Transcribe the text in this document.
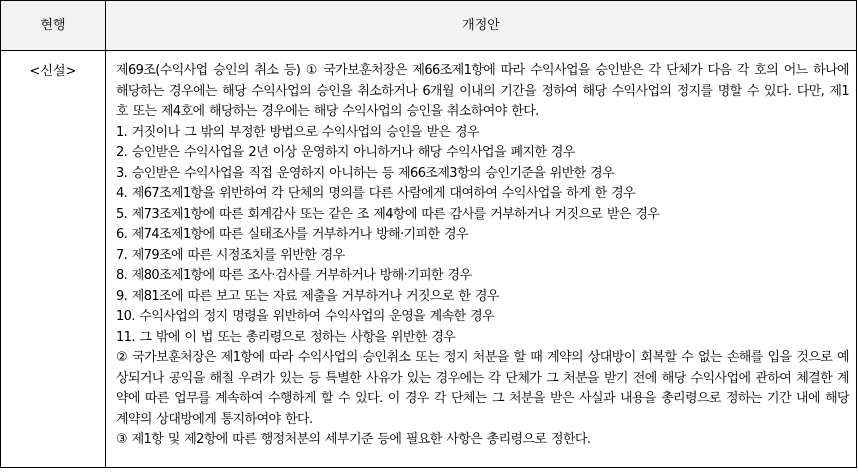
현행	개정안
<신설>	제69조(수익사업 승인의 취소 등) ① 국가보훈처장은 제66조제1항에 따라 수익사업을 승인받은 각 단체가 다음 각 호의 어느 하나에 해당하는 경우에는 해당 수익사업의 승인을 취소하거나 6개월 이내의 기간을 정하여 해당 수익사업의 정지를 명할 수 있다. 다만, 제1호 또는 제4호에 해당하는 경우에는 해당 수익사업의 승인을 취소하여야 한다.

1. 거짓이나 그 밖의 부정한 방법으로 수익사업의 승인을 받은 경우

2. 승인받은 수익사업을 2년 이상 운영하지 아니하거나 해당 수익사업을 폐지한 경우

3. 승인받은 수익사업을 직접 운영하지 아니하는 등 제66조제3항의 승인기준을 위반한 경우

4. 제67조제1항을 위반하여 각 단체의 명의를 다른 사람에게 대여하여 수익사업을 하게 한 경우

5. 제73조제1항에 따른 회계감사 또는 같은 조 제4항에 따른 감사를 거부하거나 거짓으로 받은 경우

6. 제74조제1항에 따른 실태조사를 거부하거나 방해·기피한 경우

7. 제79조에 따른 시정조치를 위반한 경우

8. 제80조제1항에 따른 조사·검사를 거부하거나 방해·기피한 경우

9. 제81조에 따른 보고 또는 자료 제출을 거부하거나 거짓으로 한 경우

10. 수익사업의 정지 명령을 위반하여 수익사업의 운영을 계속한 경우

11. 그 밖에 이 법 또는 총리령으로 정하는 사항을 위반한 경우

② 국가보훈처장은 제1항에 따라 수익사업의 승인취소 또는 정지 처분을 할 때 계약의 상대방이 회복할 수 없는 손해를 입을 것으로 예상되거나 공익을 해칠 우려가 있는 등 특별한 사유가 있는 경우에는 각 단체가 그 처분을 받기 전에 해당 수익사업에 관하여 체결한 계약에 따른 업무를 계속하여 수행하게 할 수 있다. 이 경우 각 단체는 그 처분을 받은 사실과 내용을 총리령으로 정하는 기간 내에 해당 계약의 상대방에게 통지하여야 한다.

③ 제1항 및 제2항에 따른 행정처분의 세부기준 등에 필요한 사항은 총리령으로 정한다.
